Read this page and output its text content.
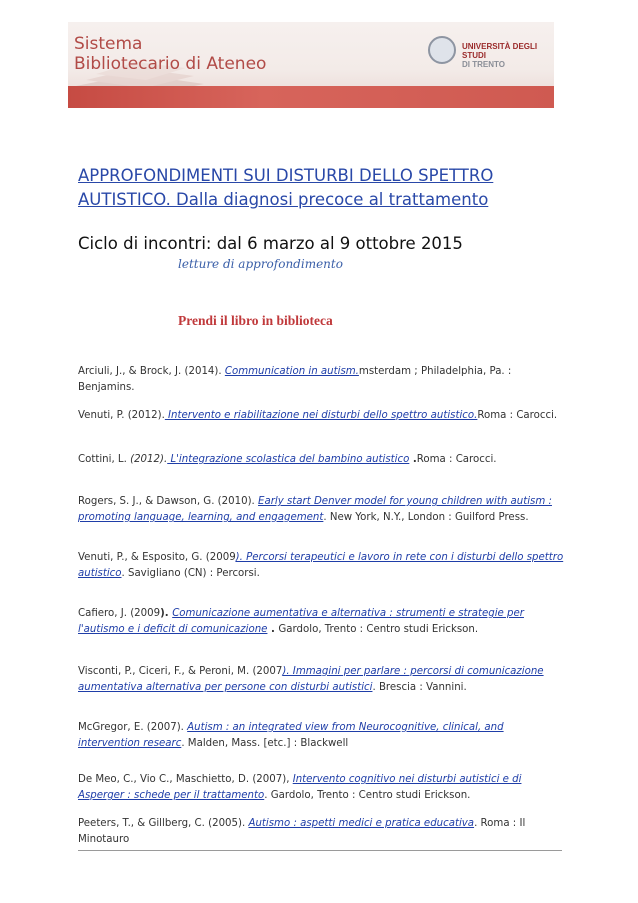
Sistema
Bibliotecario di Ateneo
UNIVERSITÀ DEGLI STUDI
DI TRENTO
APPROFONDIMENTI SUI DISTURBI DELLO SPETTRO AUTISTICO. Dalla diagnosi precoce al trattamento
Ciclo di incontri: dal 6 marzo al 9 ottobre 2015
letture di approfondimento
Prendi il libro in biblioteca
Arciuli, J., & Brock, J. (2014). Communication in autism.msterdam ; Philadelphia, Pa. : Benjamins.
Venuti, P. (2012). Intervento e riabilitazione nei disturbi dello spettro autistico.Roma : Carocci.
Cottini, L. (2012). L'integrazione scolastica del bambino autistico .Roma : Carocci.
Rogers, S. J., & Dawson, G. (2010). Early start Denver model for young children with autism : promoting language, learning, and engagement. New York, N.Y., London : Guilford Press.
Venuti, P., & Esposito, G. (2009). Percorsi terapeutici e lavoro in rete con i disturbi dello spettro autistico. Savigliano (CN) : Percorsi.
Cafiero, J. (2009). Comunicazione aumentativa e alternativa : strumenti e strategie per l'autismo e i deficit di comunicazione . Gardolo, Trento : Centro studi Erickson.
Visconti, P., Ciceri, F., & Peroni, M. (2007). Immagini per parlare : percorsi di comunicazione aumentativa alternativa per persone con disturbi autistici. Brescia : Vannini.
McGregor, E. (2007). Autism : an integrated view from Neurocognitive, clinical, and intervention researc. Malden, Mass. [etc.] : Blackwell
De Meo, C., Vio C., Maschietto, D. (2007), Intervento cognitivo nei disturbi autistici e di Asperger : schede per il trattamento. Gardolo, Trento : Centro studi Erickson.
Peeters, T., & Gillberg, C. (2005). Autismo : aspetti medici e pratica educativa. Roma : Il Minotauro
